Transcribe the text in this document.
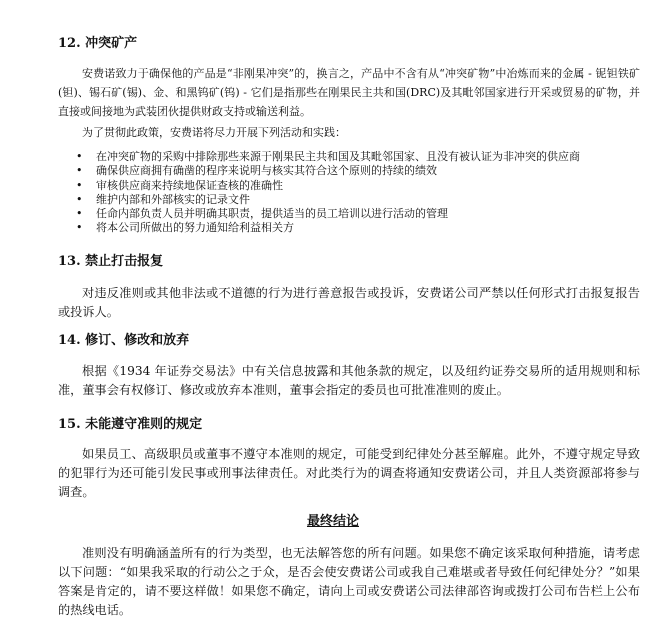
12. 冲突矿产
安费诺致力于确保他的产品是“非刚果冲突”的，换言之，产品中不含有从“冲突矿物”中冶炼而来的金属 - 铌钽铁矿(钽)、锡石矿(锡)、金、和黑钨矿(钨) - 它们是指那些在刚果民主共和国(DRC)及其毗邻国家进行开采或贸易的矿物，并直接或间接地为武装团伙提供财政支持或输送利益。
为了贯彻此政策，安费诺将尽力开展下列活动和实践：
• 在冲突矿物的采购中排除那些来源于刚果民主共和国及其毗邻国家、且没有被认证为非冲突的供应商
• 确保供应商拥有确凿的程序来说明与核实其符合这个原则的持续的绩效
• 审核供应商来持续地保证查核的准确性
• 维护内部和外部核实的记录文件
• 任命内部负责人员并明确其职责，提供适当的员工培训以进行活动的管理
• 将本公司所做出的努力通知给利益相关方
13. 禁止打击报复
对违反准则或其他非法或不道德的行为进行善意报告或投诉，安费诺公司严禁以任何形式打击报复报告或投诉人。
14. 修订、修改和放弃
根据《1934 年证券交易法》中有关信息披露和其他条款的规定，以及纽约证券交易所的适用规则和标准，董事会有权修订、修改或放弃本准则，董事会指定的委员也可批准准则的废止。
15. 未能遵守准则的规定
如果员工、高级职员或董事不遵守本准则的规定，可能受到纪律处分甚至解雇。此外，不遵守规定导致的犯罪行为还可能引发民事或刑事法律责任。对此类行为的调查将通知安费诺公司，并且人类资源部将参与调查。
最终结论
准则没有明确涵盖所有的行为类型，也无法解答您的所有问题。如果您不确定该采取何种措施，请考虑以下问题：“如果我采取的行动公之于众，是否会使安费诺公司或我自己难堪或者导致任何纪律处分？”如果答案是肯定的，请不要这样做！如果您不确定，请向上司或安费诺公司法律部咨询或拨打公司布告栏上公布的热线电话。
